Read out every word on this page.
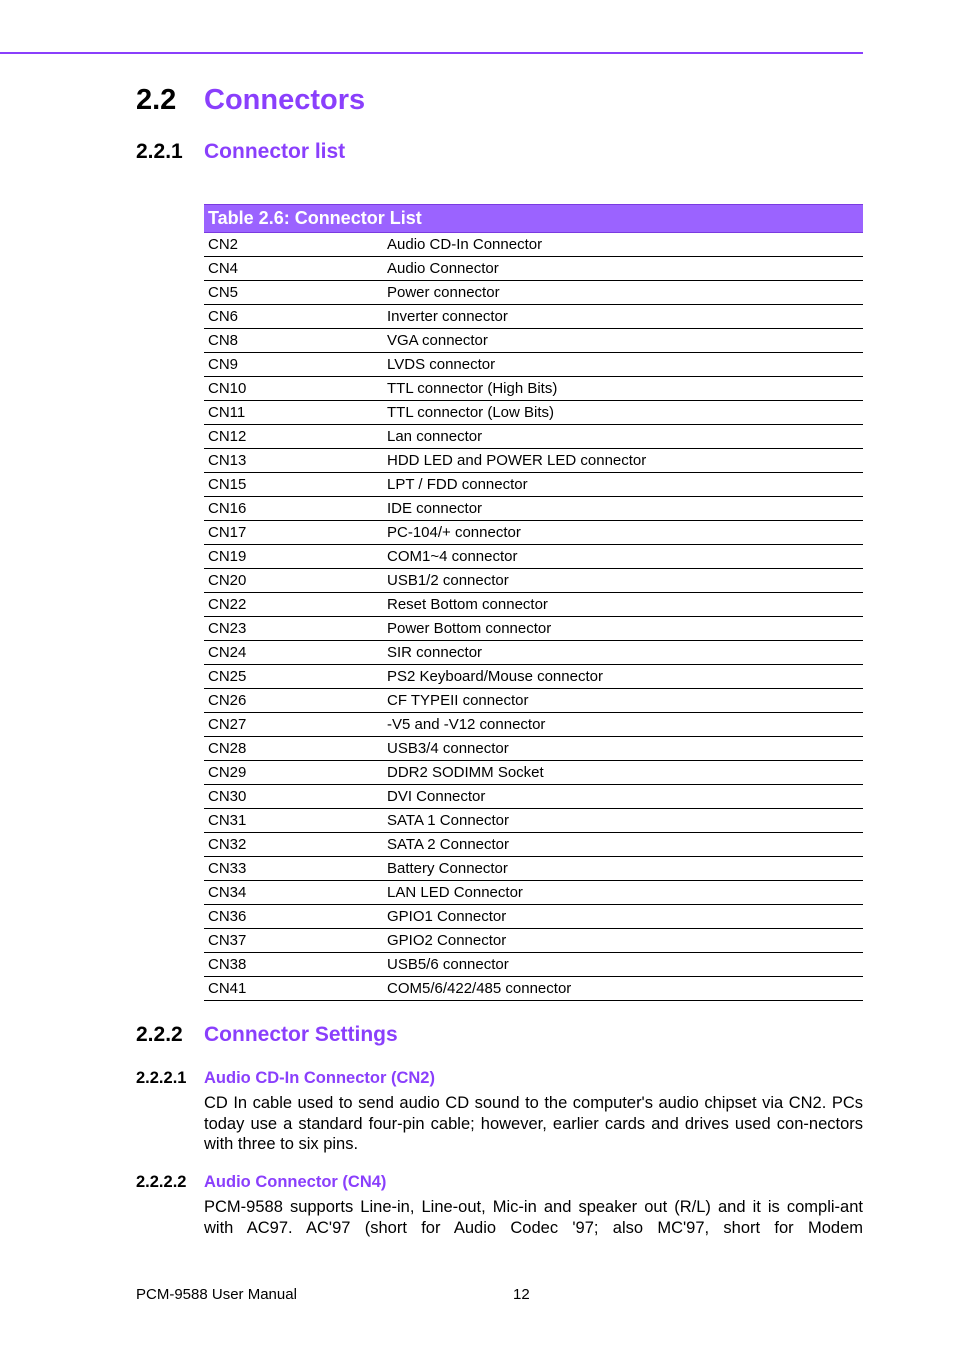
2.2 Connectors
2.2.1 Connector list
Table 2.6: Connector List
CN2	Audio CD-In Connector
CN4	Audio Connector
CN5	Power connector
CN6	Inverter connector
CN8	VGA connector
CN9	LVDS connector
CN10	TTL connector (High Bits)
CN11	TTL connector (Low Bits)
CN12	Lan connector
CN13	HDD LED and POWER LED connector
CN15	LPT / FDD connector
CN16	IDE connector
CN17	PC-104/+ connector
CN19	COM1~4 connector
CN20	USB1/2 connector
CN22	Reset Bottom connector
CN23	Power Bottom connector
CN24	SIR connector
CN25	PS2 Keyboard/Mouse connector
CN26	CF TYPEII connector
CN27	-V5 and -V12 connector
CN28	USB3/4 connector
CN29	DDR2 SODIMM Socket
CN30	DVI Connector
CN31	SATA 1 Connector
CN32	SATA 2 Connector
CN33	Battery Connector
CN34	LAN LED Connector
CN36	GPIO1 Connector
CN37	GPIO2 Connector
CN38	USB5/6 connector
CN41	COM5/6/422/485 connector
2.2.2 Connector Settings
2.2.2.1 Audio CD-In Connector (CN2)
CD In cable used to send audio CD sound to the computer's audio chipset via CN2. PCs today use a standard four-pin cable; however, earlier cards and drives used con-nectors with three to six pins.
2.2.2.2 Audio Connector (CN4)
PCM-9588 supports Line-in, Line-out, Mic-in and speaker out (R/L) and it is compli-ant with AC97. AC'97 (short for Audio Codec '97; also MC'97, short for Modem
PCM-9588 User Manual	12
